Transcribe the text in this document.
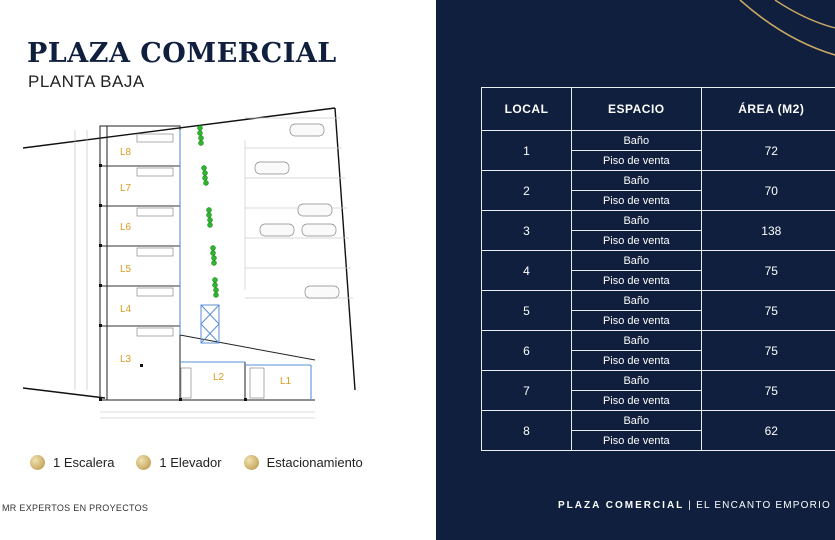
PLAZA COMERCIAL
PLANTA BAJA
L8
L7
L6
L5
L4
L3
L2	L1
1 Escalera	1 Elevador	Estacionamiento
MR EXPERTOS EN PROYECTOS
LOCAL	ESPACIO	ÁREA (M2)
1	Baño	72
	Piso de venta	
2	Baño	70
	Piso de venta	
3	Baño	138
	Piso de venta	
4	Baño	75
	Piso de venta	
5	Baño	75
	Piso de venta	
6	Baño	75
	Piso de venta	
7	Baño	75
	Piso de venta	
8	Baño	62
	Piso de venta	
PLAZA COMERCIAL | EL ENCANTO EMPORIO
